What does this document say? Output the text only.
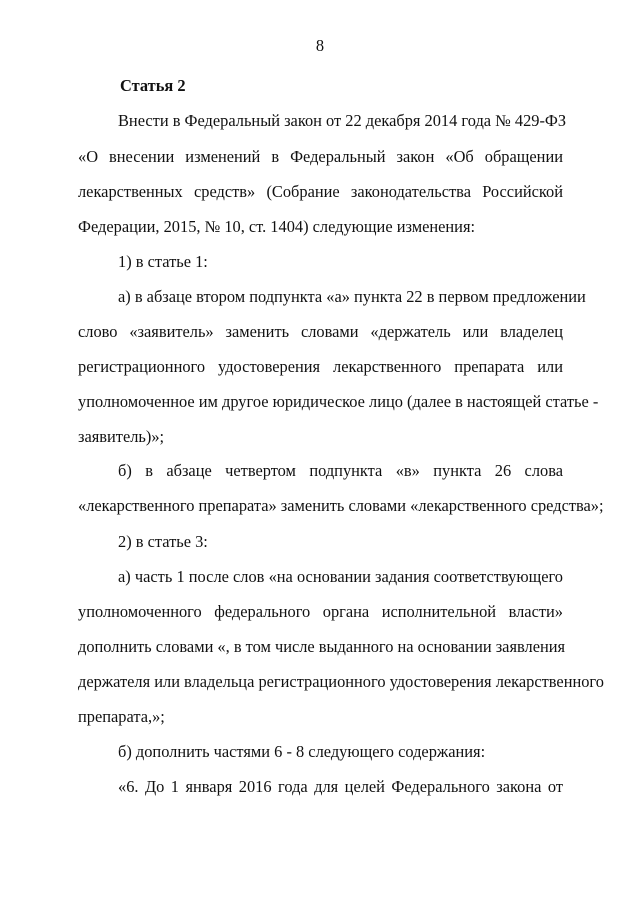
8
Статья 2
Внести в Федеральный закон от 22 декабря 2014 года № 429-ФЗ
«О внесении изменений в Федеральный закон «Об обращении
лекарственных средств» (Собрание законодательства Российской
Федерации, 2015, № 10, ст. 1404) следующие изменения:
1) в статье 1:
а) в абзаце втором подпункта «а» пункта 22 в первом предложении
слово «заявитель» заменить словами «держатель или владелец
регистрационного удостоверения лекарственного препарата или
уполномоченное им другое юридическое лицо (далее в настоящей статье -
заявитель)»;
б) в абзаце четвертом подпункта «в» пункта 26 слова
«лекарственного препарата» заменить словами «лекарственного средства»;
2) в статье 3:
а) часть 1 после слов «на основании задания соответствующего
уполномоченного федерального органа исполнительной власти»
дополнить словами «, в том числе выданного на основании заявления
держателя или владельца регистрационного удостоверения лекарственного
препарата,»;
б) дополнить частями 6 - 8 следующего содержания:
«6. До 1 января 2016 года для целей Федерального закона от
